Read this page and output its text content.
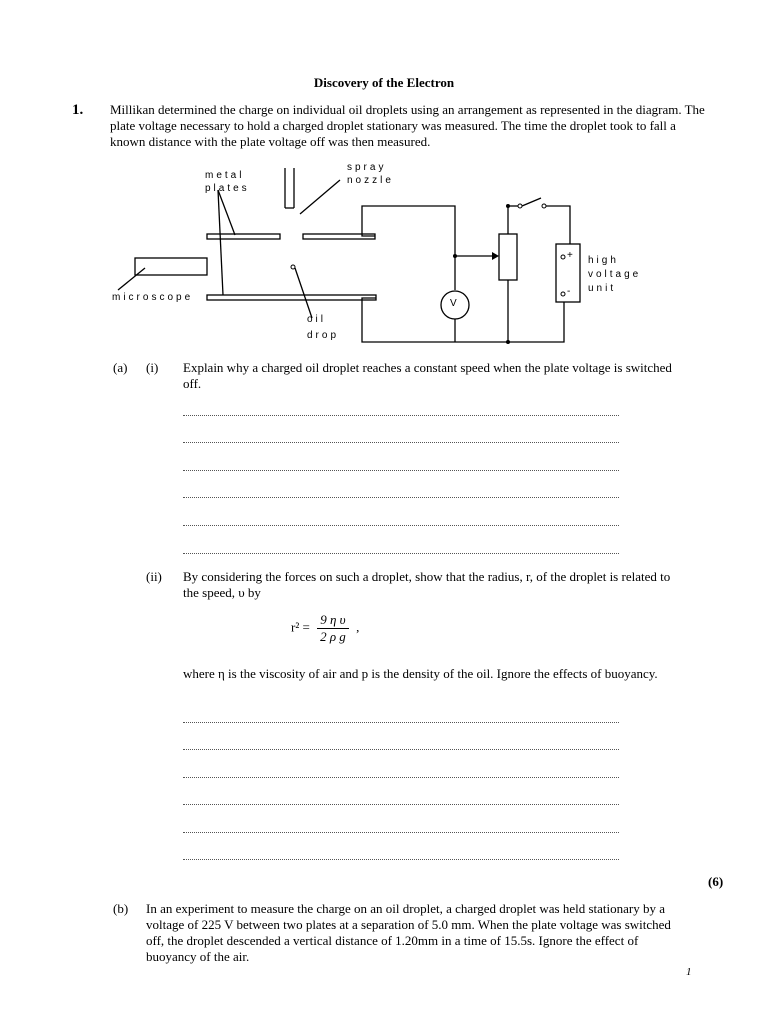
Discovery of the Electron
1. Millikan determined the charge on individual oil droplets using an arrangement as represented in the diagram. The plate voltage necessary to hold a charged droplet stationary was measured. The time the droplet took to fall a known distance with the plate voltage off was then measured.
metal
plates
spray
nozzle
microscope
oil
drop
V
high
voltage
unit
+
-
(a) (i) Explain why a charged oil droplet reaches a constant speed when the plate voltage is switched off.
(ii) By considering the forces on such a droplet, show that the radius, r, of the droplet is related to the speed, υ by
$r^2 = \frac{\text{9 η υ}}{\text{2 ρ g}}$ ,
where η is the viscosity of air and p is the density of the oil. Ignore the effects of buoyancy.
(6)
(b) In an experiment to measure the charge on an oil droplet, a charged droplet was held stationary by a voltage of 225 V between two plates at a separation of 5.0 mm. When the plate voltage was switched off, the droplet descended a vertical distance of 1.20mm in a time of 15.5s. Ignore the effect of buoyancy of the air.
1
